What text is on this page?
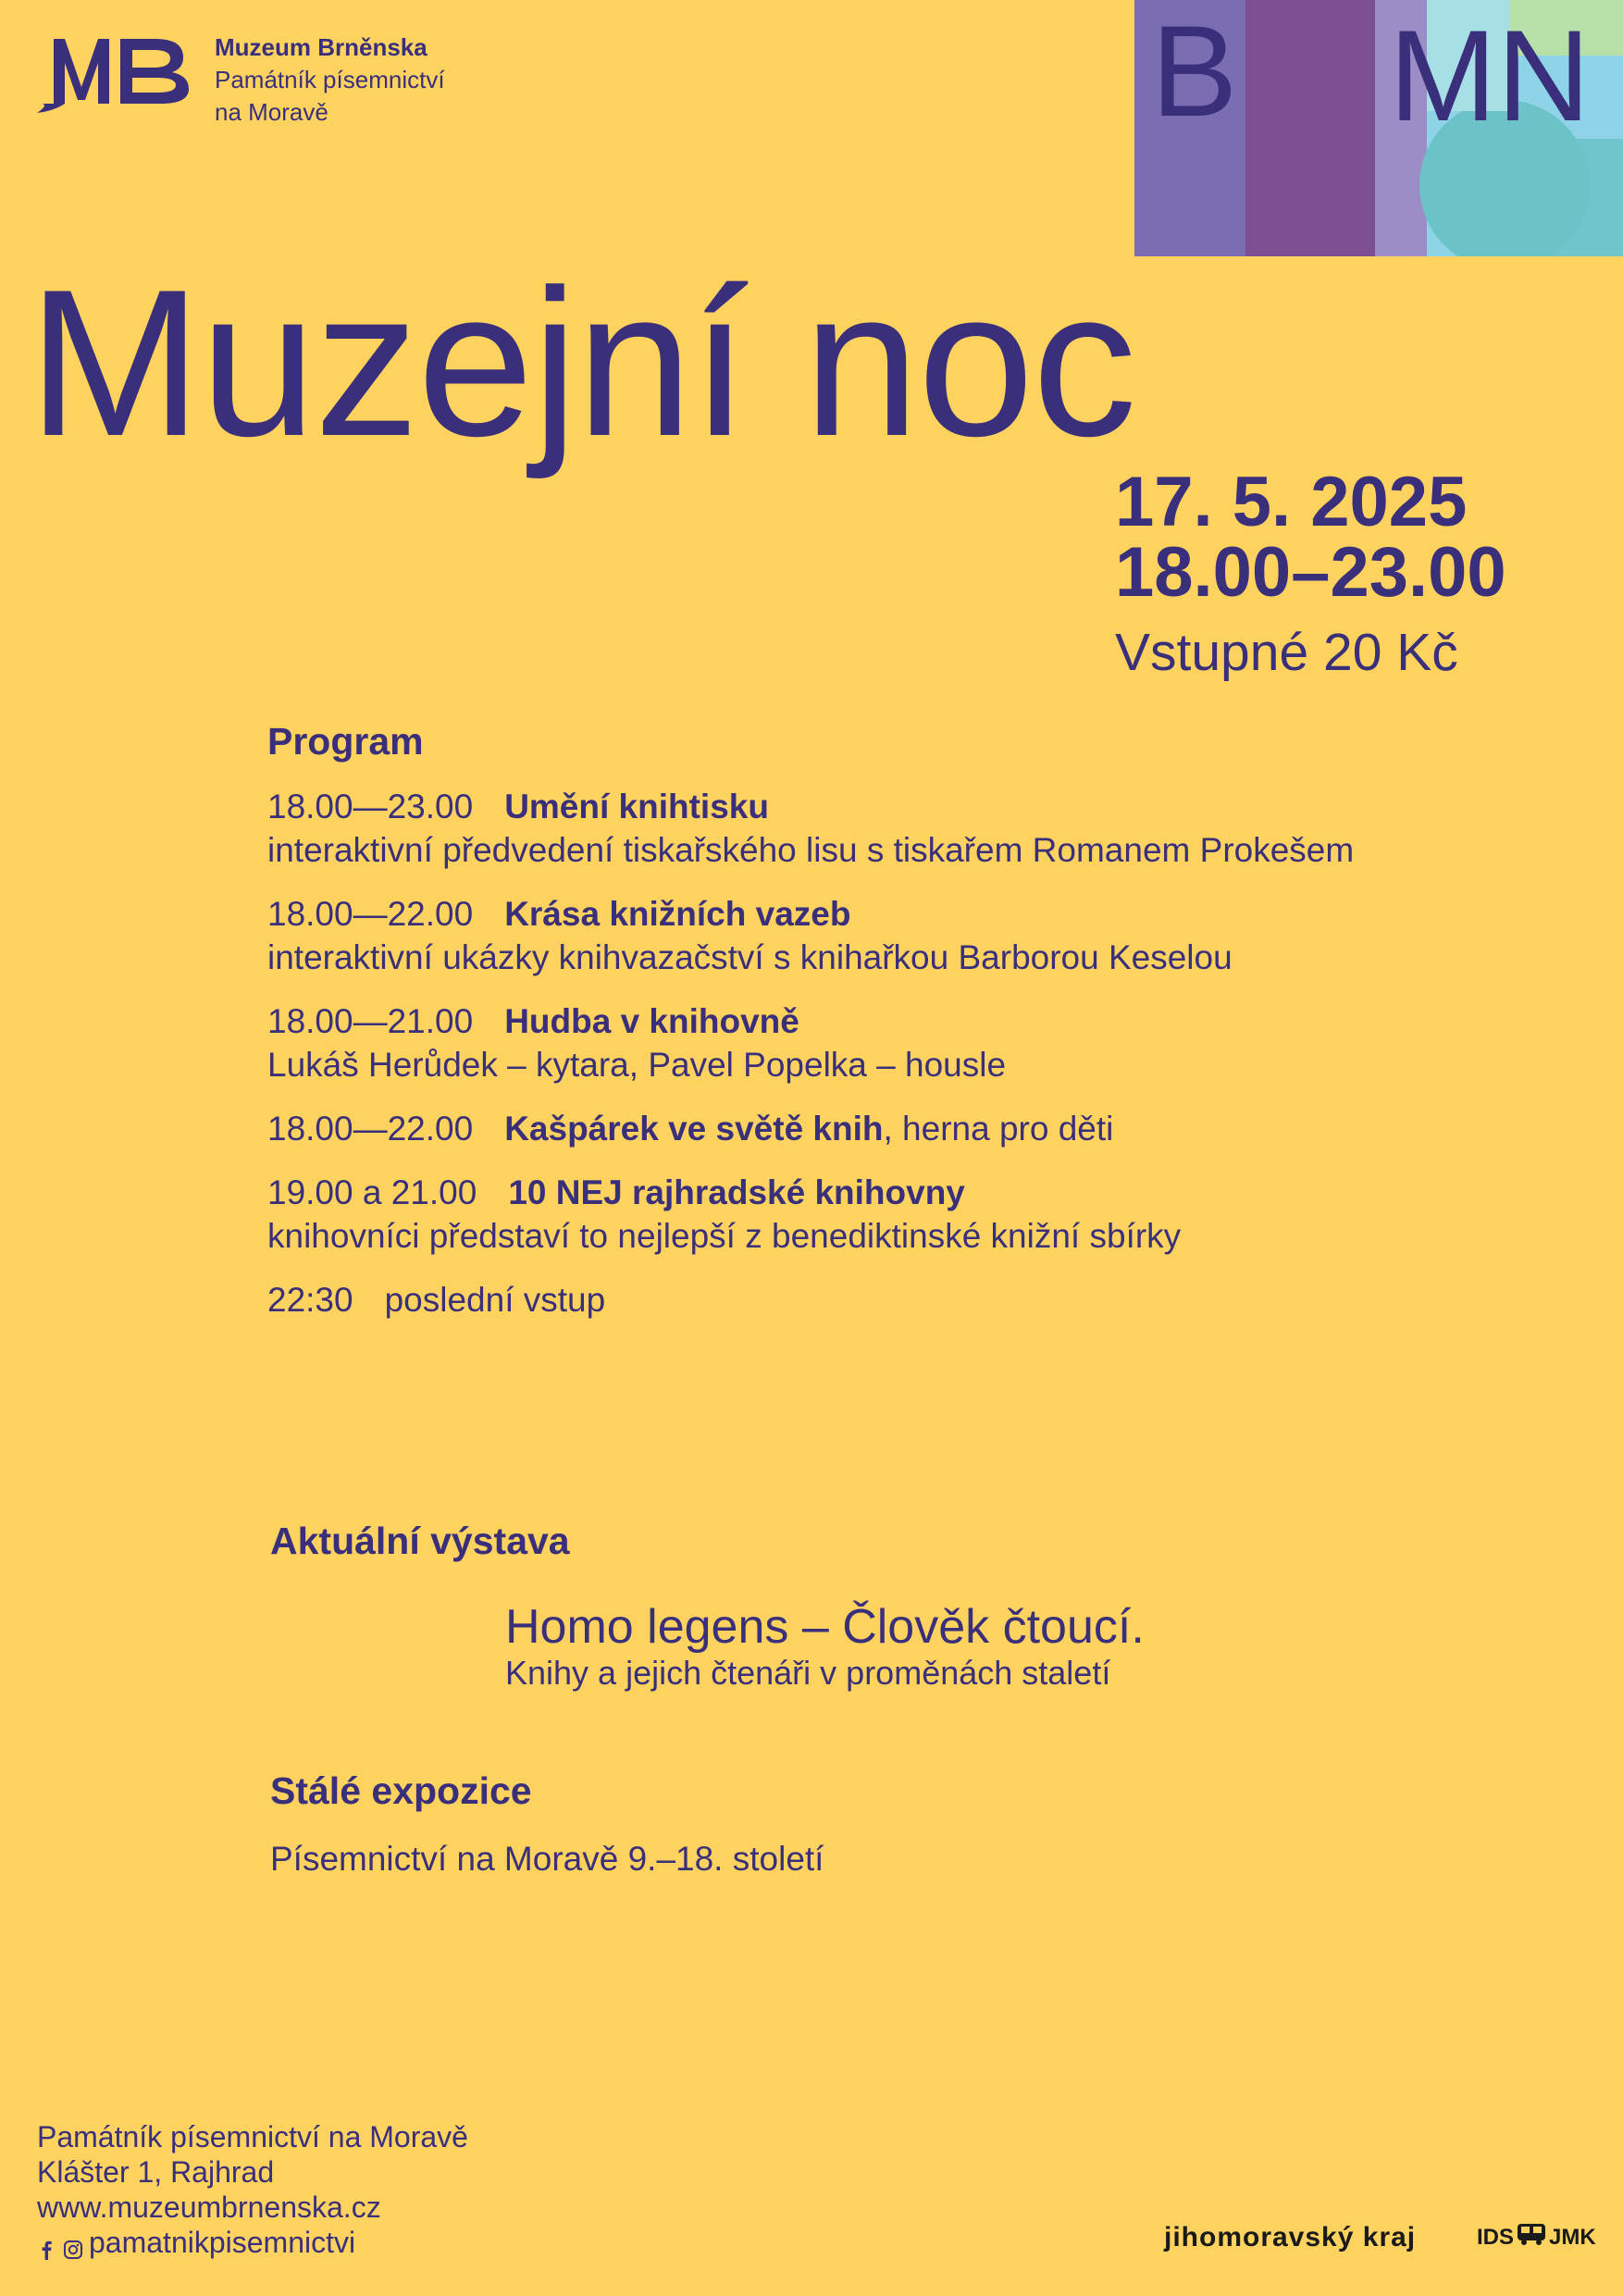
Muzeum Brněnska
Památník písemnictví
na Moravě	B MN
Muzejní noc
17. 5. 2025
18.00–23.00
Vstupné 20 Kč
Program
18.00—23.00 Umění knihtisku
interaktivní předvedení tiskařského lisu s tiskařem Romanem Prokešem
18.00—22.00 Krása knižních vazeb
interaktivní ukázky knihvazačství s knihařkou Barborou Keselou
18.00—21.00 Hudba v knihovně
Lukáš Herůdek – kytara, Pavel Popelka – housle
18.00—22.00 Kašpárek ve světě knih, herna pro děti
19.00 a 21.00 10 NEJ rajhradské knihovny
knihovníci představí to nejlepší z benediktinské knižní sbírky
22:30 poslední vstup
Aktuální výstava
Homo legens – Člověk čtoucí.
Knihy a jejich čtenáři v proměnách staletí
Stálé expozice
Písemnictví na Moravě 9.–18. století
Památník písemnictví na Moravě
Klášter 1, Rajhrad
www.muzeumbrnenska.cz
pamatnikpisemnictvi	jihomoravský kraj	IDS JMK
